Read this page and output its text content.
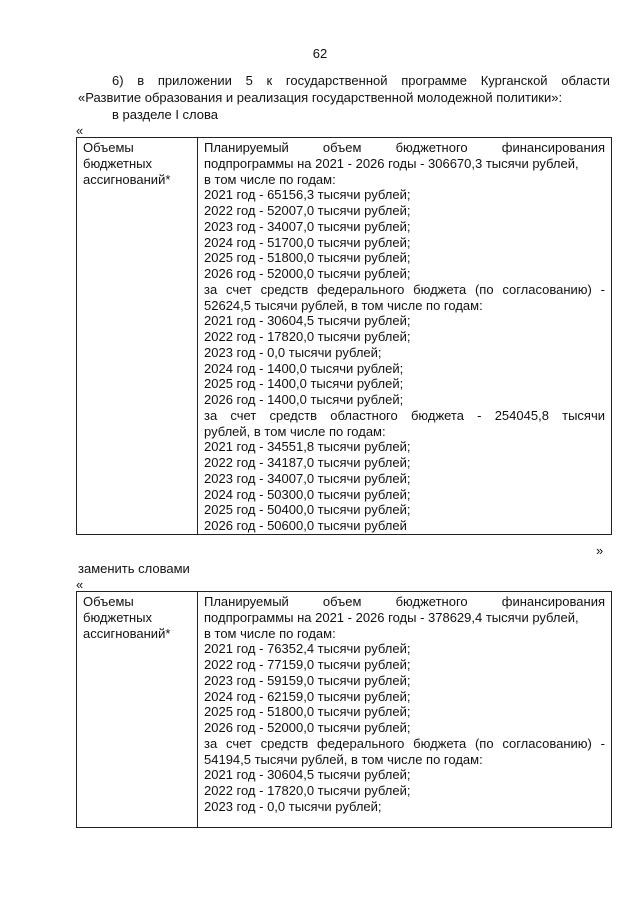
62
6) в приложении 5 к государственной программе Курганской области
«Развитие образования и реализация государственной молодежной политики»:
в разделе I слова
«
Объемы
бюджетных
ассигнований*
Планируемый объем бюджетного финансирования
подпрограммы на 2021 - 2026 годы - 306670,3 тысячи рублей,
в том числе по годам:
2021 год - 65156,3 тысячи рублей;
2022 год - 52007,0 тысячи рублей;
2023 год - 34007,0 тысячи рублей;
2024 год - 51700,0 тысячи рублей;
2025 год - 51800,0 тысячи рублей;
2026 год - 52000,0 тысячи рублей;
за счет средств федерального бюджета (по согласованию) -
52624,5 тысячи рублей, в том числе по годам:
2021 год - 30604,5 тысячи рублей;
2022 год - 17820,0 тысячи рублей;
2023 год - 0,0 тысячи рублей;
2024 год - 1400,0 тысячи рублей;
2025 год - 1400,0 тысячи рублей;
2026 год - 1400,0 тысячи рублей;
за счет средств областного бюджета - 254045,8 тысячи
рублей, в том числе по годам:
2021 год - 34551,8 тысячи рублей;
2022 год - 34187,0 тысячи рублей;
2023 год - 34007,0 тысячи рублей;
2024 год - 50300,0 тысячи рублей;
2025 год - 50400,0 тысячи рублей;
2026 год - 50600,0 тысячи рублей
»
заменить словами
«
Объемы
бюджетных
ассигнований*
Планируемый объем бюджетного финансирования
подпрограммы на 2021 - 2026 годы - 378629,4 тысячи рублей,
в том числе по годам:
2021 год - 76352,4 тысячи рублей;
2022 год - 77159,0 тысячи рублей;
2023 год - 59159,0 тысячи рублей;
2024 год - 62159,0 тысячи рублей;
2025 год - 51800,0 тысячи рублей;
2026 год - 52000,0 тысячи рублей;
за счет средств федерального бюджета (по согласованию) -
54194,5 тысячи рублей, в том числе по годам:
2021 год - 30604,5 тысячи рублей;
2022 год - 17820,0 тысячи рублей;
2023 год - 0,0 тысячи рублей;
